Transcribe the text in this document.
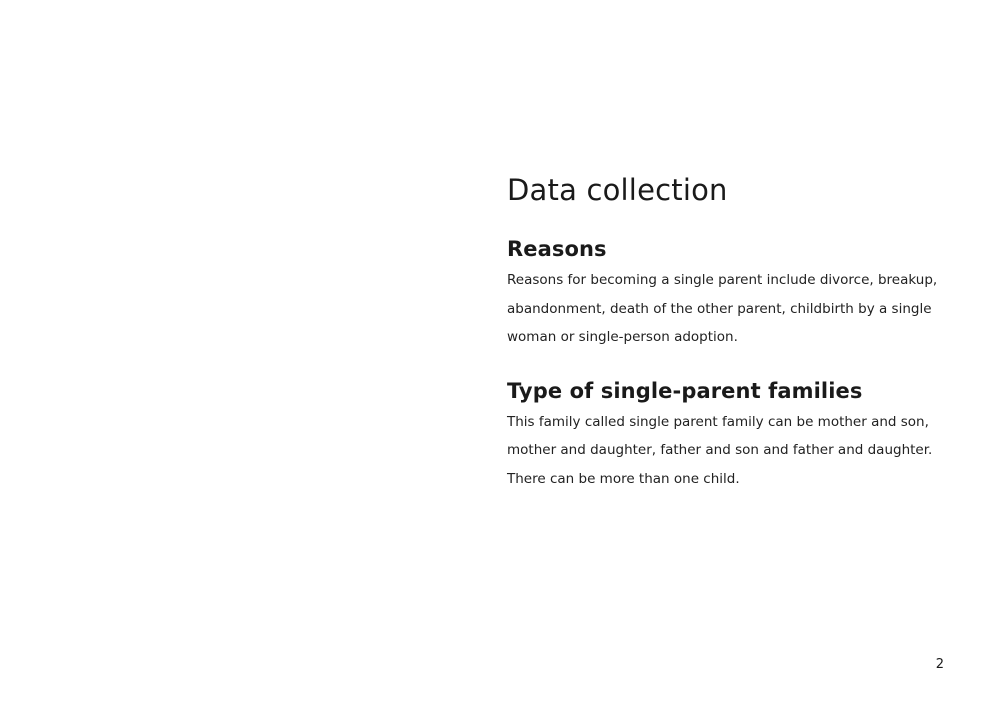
Data collection
Reasons

Reasons for becoming a single parent include divorce, breakup, abandonment, death of the other parent, childbirth by a single woman or single-person adoption.

Type of single-parent families

This family called single parent family can be mother and son, mother and daughter, father and son and father and daughter. There can be more than one child.

2
